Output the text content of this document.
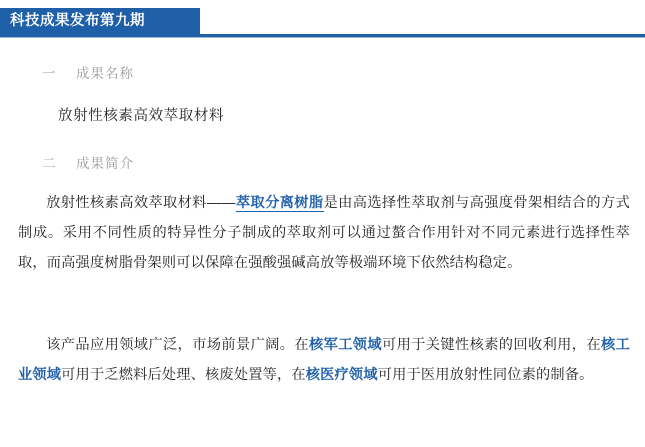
科技成果发布第九期
一	成果名称
放射性核素高效萃取材料
二	成果简介
放射性核素高效萃取材料——萃取分离树脂是由高选择性萃取剂与高强度骨架相结合的方式制成。采用不同性质的特异性分子制成的萃取剂可以通过螯合作用针对不同元素进行选择性萃取，而高强度树脂骨架则可以保障在强酸强碱高放等极端环境下依然结构稳定。
该产品应用领域广泛，市场前景广阔。在核军工领域可用于关键性核素的回收利用，在核工业领域可用于乏燃料后处理、核废处置等，在核医疗领域可用于医用放射性同位素的制备。
